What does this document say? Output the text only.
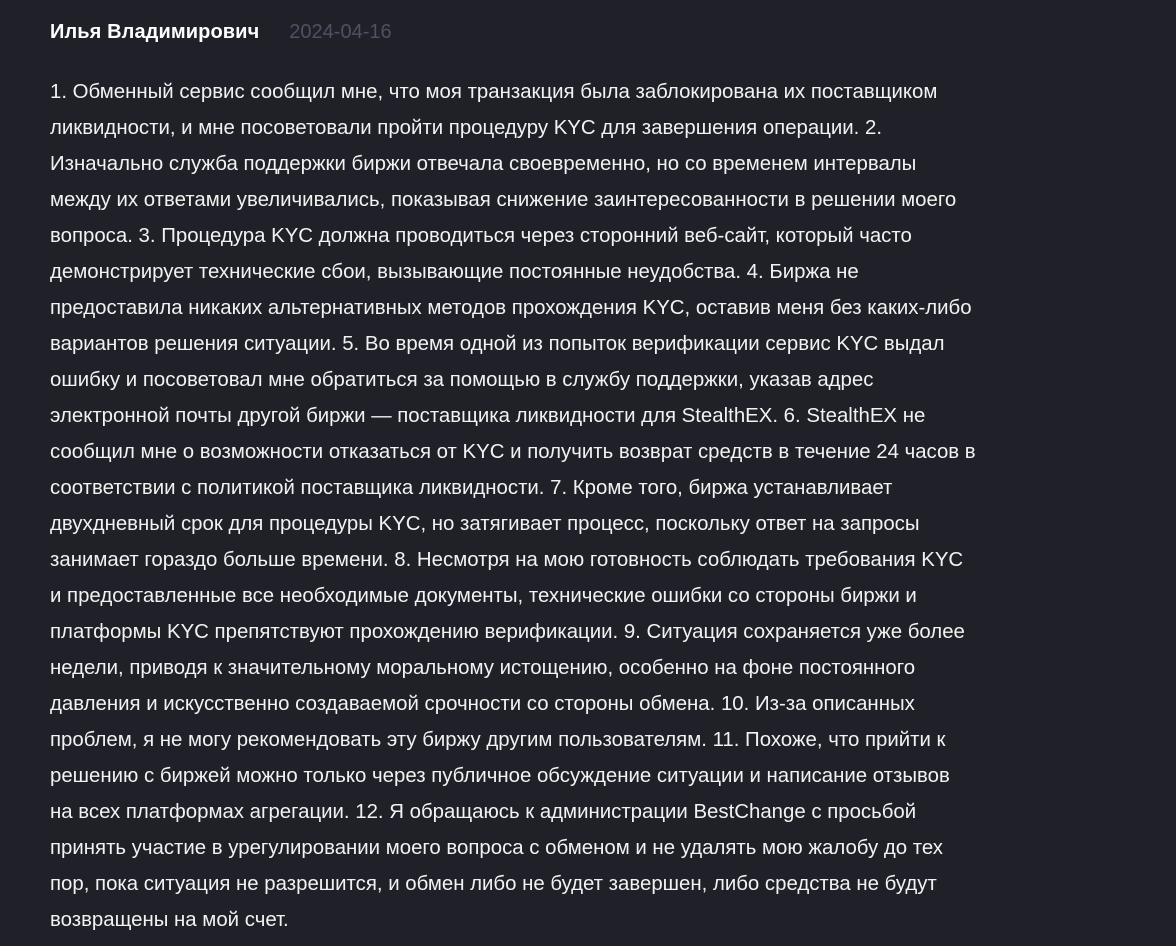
Илья Владимирович 2024-04-16
1. Обменный сервис сообщил мне, что моя транзакция была заблокирована их поставщиком
ликвидности, и мне посоветовали пройти процедуру KYC для завершения операции. 2.
Изначально служба поддержки биржи отвечала своевременно, но со временем интервалы
между их ответами увеличивались, показывая снижение заинтересованности в решении моего
вопроса. 3. Процедура KYC должна проводиться через сторонний веб-сайт, который часто
демонстрирует технические сбои, вызывающие постоянные неудобства. 4. Биржа не
предоставила никаких альтернативных методов прохождения KYC, оставив меня без каких-либо
вариантов решения ситуации. 5. Во время одной из попыток верификации сервис KYC выдал
ошибку и посоветовал мне обратиться за помощью в службу поддержки, указав адрес
электронной почты другой биржи — поставщика ликвидности для StealthEX. 6. StealthEX не
сообщил мне о возможности отказаться от KYC и получить возврат средств в течение 24 часов в
соответствии с политикой поставщика ликвидности. 7. Кроме того, биржа устанавливает
двухдневный срок для процедуры KYC, но затягивает процесс, поскольку ответ на запросы
занимает гораздо больше времени. 8. Несмотря на мою готовность соблюдать требования KYC
и предоставленные все необходимые документы, технические ошибки со стороны биржи и
платформы KYC препятствуют прохождению верификации. 9. Ситуация сохраняется уже более
недели, приводя к значительному моральному истощению, особенно на фоне постоянного
давления и искусственно создаваемой срочности со стороны обмена. 10. Из-за описанных
проблем, я не могу рекомендовать эту биржу другим пользователям. 11. Похоже, что прийти к
решению с биржей можно только через публичное обсуждение ситуации и написание отзывов
на всех платформах агрегации. 12. Я обращаюсь к администрации BestChange с просьбой
принять участие в урегулировании моего вопроса с обменом и не удалять мою жалобу до тех
пор, пока ситуация не разрешится, и обмен либо не будет завершен, либо средства не будут
возвращены на мой счет.
